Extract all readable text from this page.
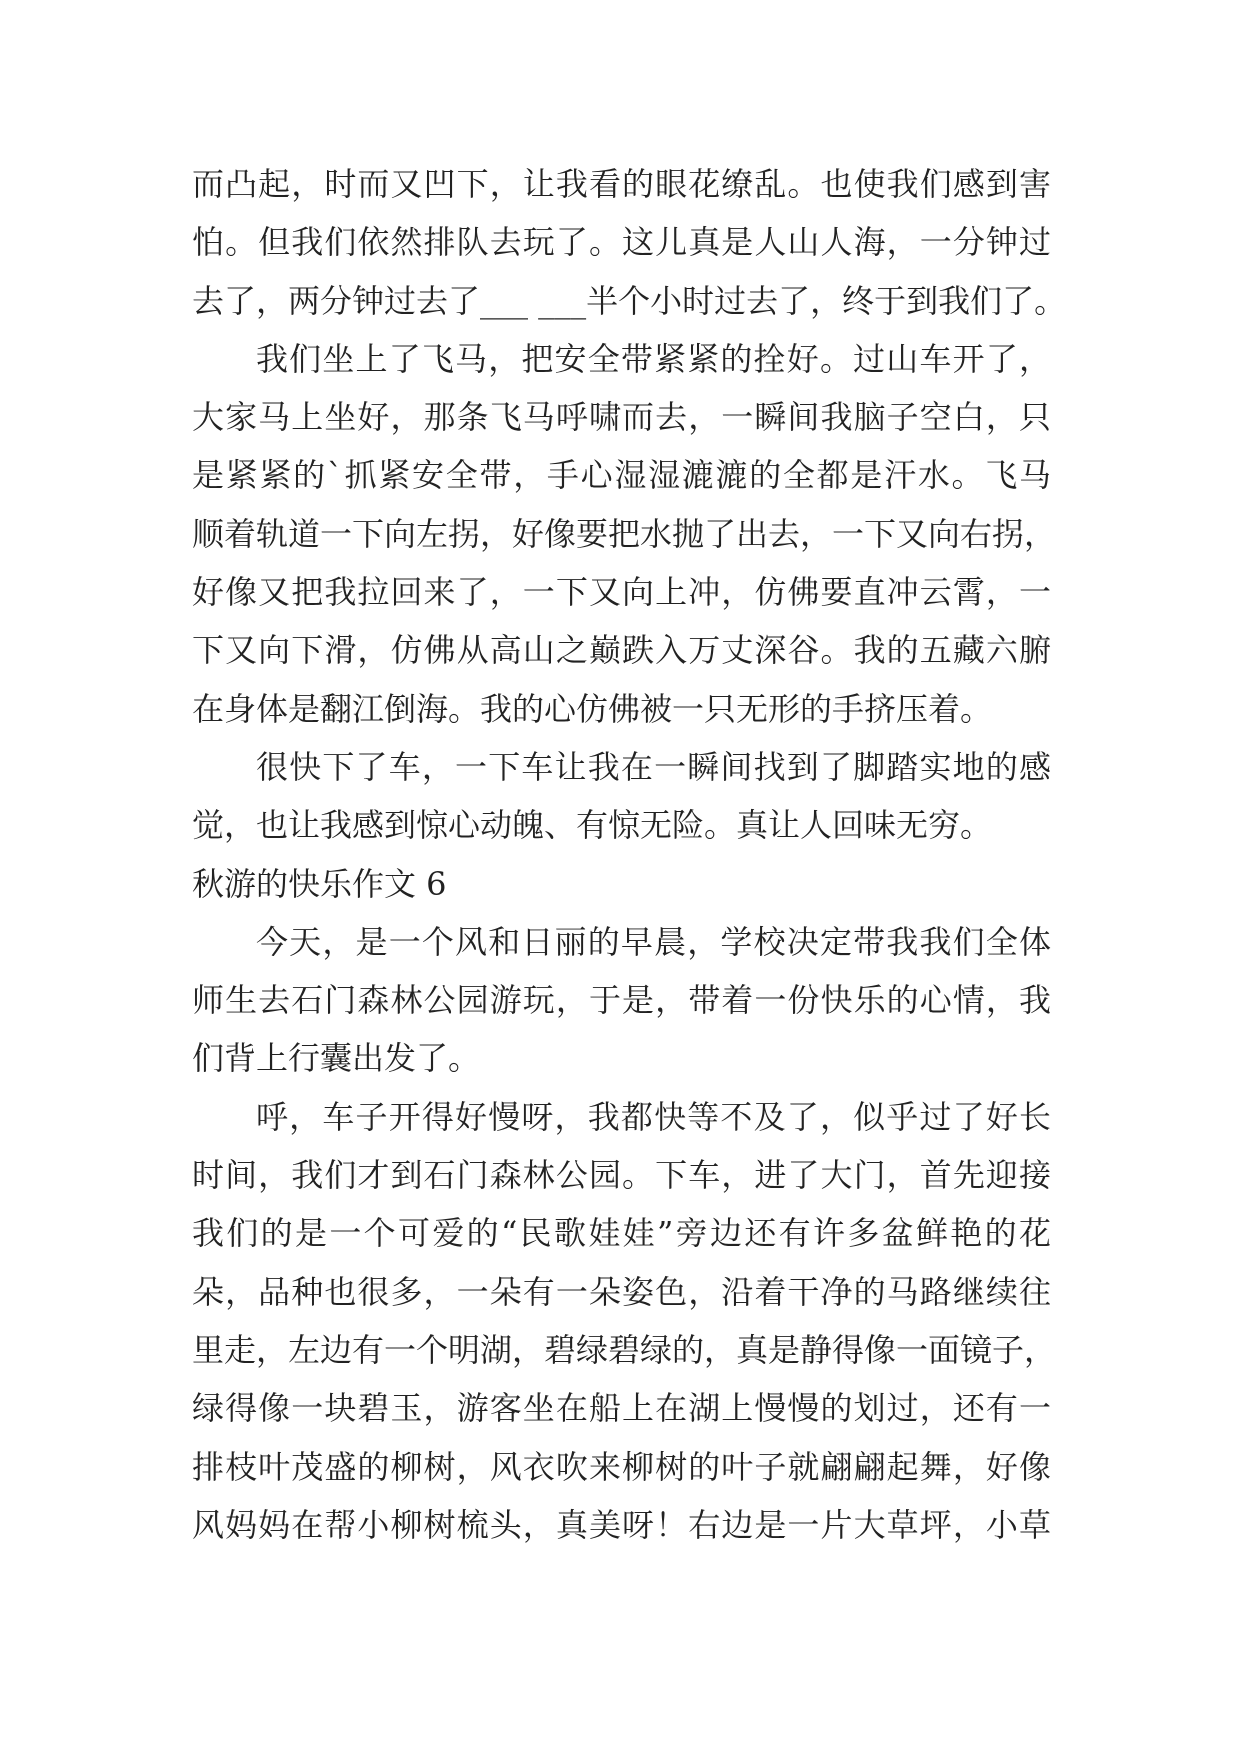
而凸起，时而又凹下，让我看的眼花缭乱。也使我们感到害
怕。但我们依然排队去玩了。这儿真是人山人海，一分钟过
去了，两分钟过去了___ ___半个小时过去了，终于到我们了。
我们坐上了飞马，把安全带紧紧的拴好。过山车开了，
大家马上坐好，那条飞马呼啸而去，一瞬间我脑子空白，只
是紧紧的`抓紧安全带，手心湿湿漉漉的全都是汗水。飞马
顺着轨道一下向左拐，好像要把水抛了出去，一下又向右拐，
好像又把我拉回来了，一下又向上冲，仿佛要直冲云霄，一
下又向下滑，仿佛从高山之巅跌入万丈深谷。我的五藏六腑
在身体是翻江倒海。我的心仿佛被一只无形的手挤压着。
很快下了车，一下车让我在一瞬间找到了脚踏实地的感
觉，也让我感到惊心动魄、有惊无险。真让人回味无穷。
秋游的快乐作文 6
今天，是一个风和日丽的早晨，学校决定带我我们全体
师生去石门森林公园游玩，于是，带着一份快乐的心情，我
们背上行囊出发了。
呼，车子开得好慢呀，我都快等不及了，似乎过了好长
时间，我们才到石门森林公园。下车，进了大门，首先迎接
我们的是一个可爱的“民歌娃娃”旁边还有许多盆鲜艳的花
朵，品种也很多，一朵有一朵姿色，沿着干净的马路继续往
里走，左边有一个明湖，碧绿碧绿的，真是静得像一面镜子，
绿得像一块碧玉，游客坐在船上在湖上慢慢的划过，还有一
排枝叶茂盛的柳树，风衣吹来柳树的叶子就翩翩起舞，好像
风妈妈在帮小柳树梳头，真美呀！右边是一片大草坪，小草
